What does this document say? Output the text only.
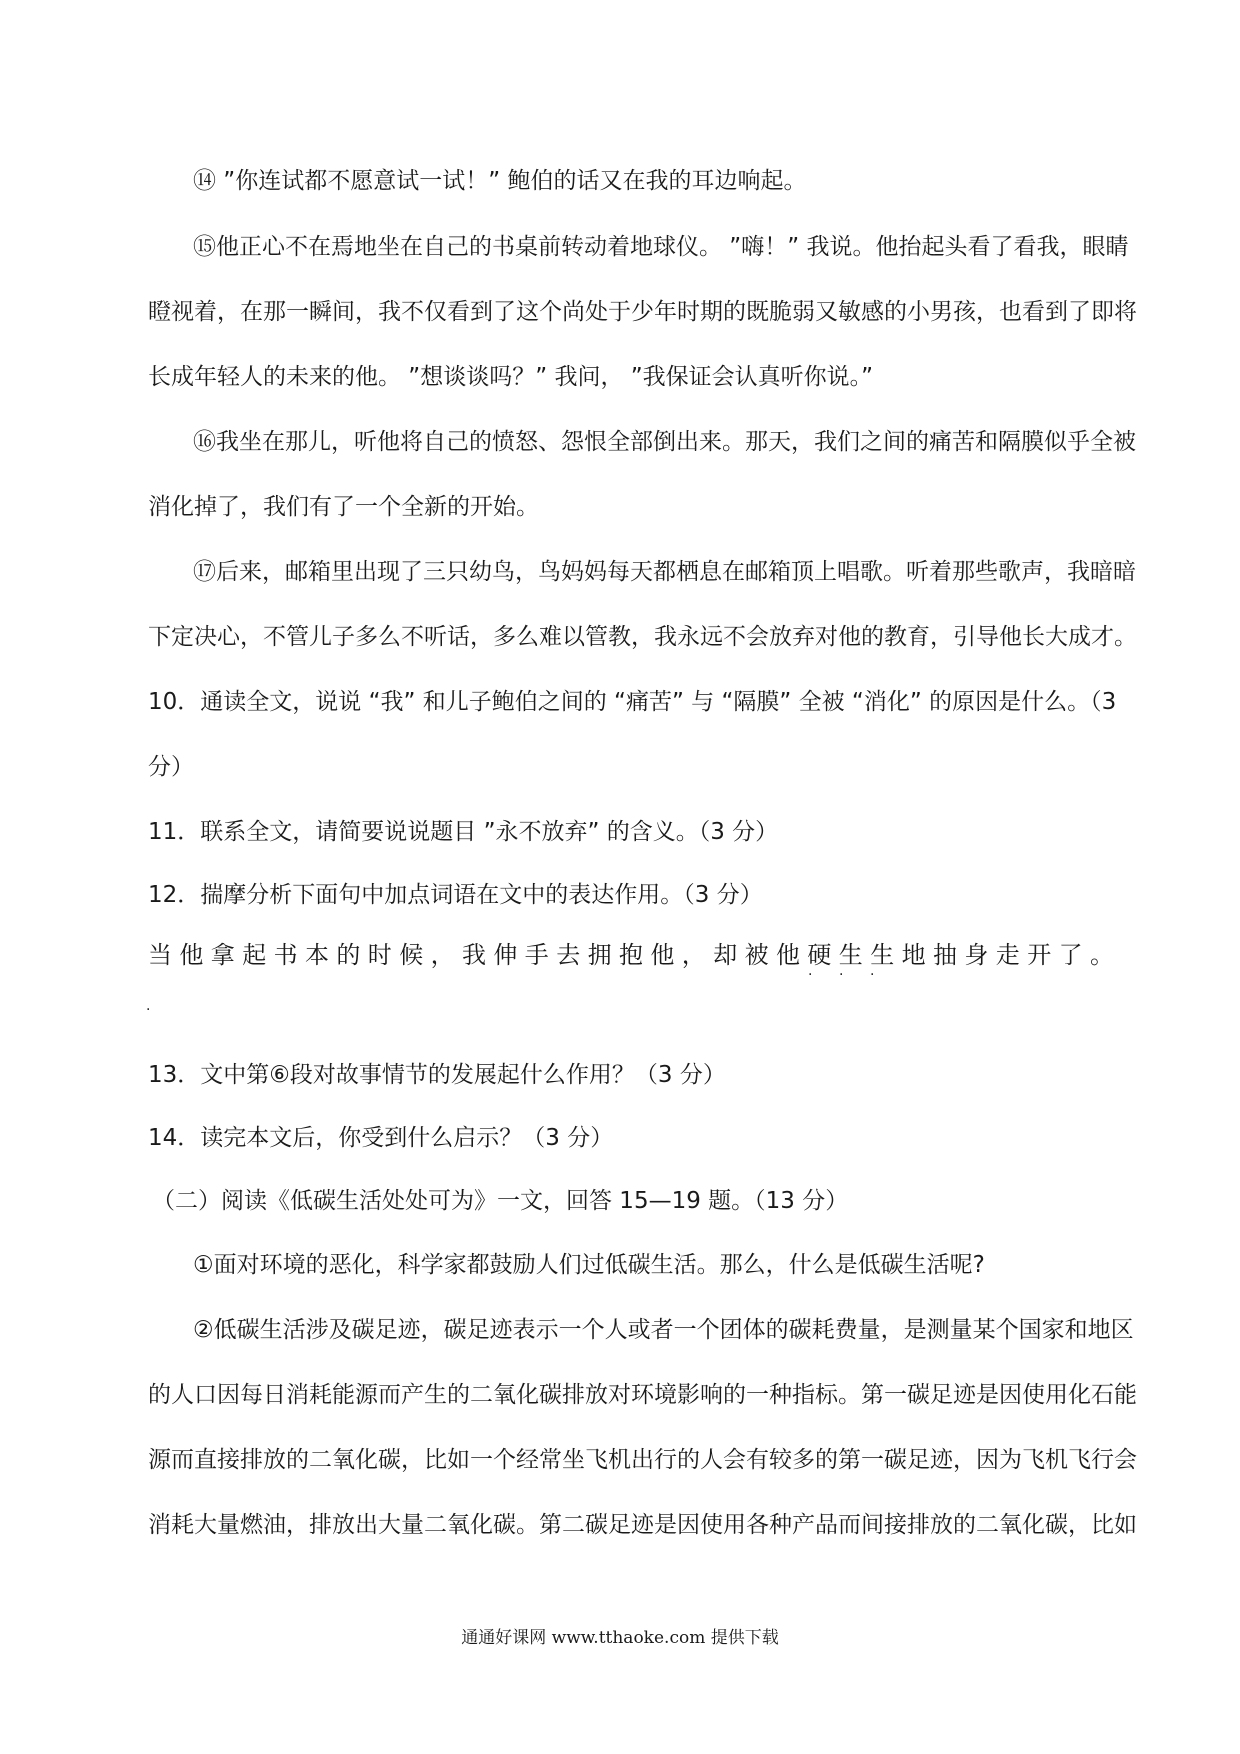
⑭ ”你连试都不愿意试一试！” 鲍伯的话又在我的耳边响起。
⑮他正心不在焉地坐在自己的书桌前转动着地球仪。 ”嗨！” 我说。他抬起头看了看我，眼睛
瞪视着，在那一瞬间，我不仅看到了这个尚处于少年时期的既脆弱又敏感的小男孩，也看到了即将
长成年轻人的未来的他。 ”想谈谈吗？” 我问， ”我保证会认真听你说。”
⑯我坐在那儿，听他将自己的愤怒、怨恨全部倒出来。那天，我们之间的痛苦和隔膜似乎全被
消化掉了，我们有了一个全新的开始。
⑰后来，邮箱里出现了三只幼鸟，鸟妈妈每天都栖息在邮箱顶上唱歌。听着那些歌声，我暗暗
下定决心，不管儿子多么不听话，多么难以管教，我永远不会放弃对他的教育，引导他长大成才。
10．通读全文，说说 “我” 和儿子鲍伯之间的 “痛苦” 与 “隔膜” 全被 “消化” 的原因是什么。（3
分）
11．联系全文，请简要说说题目 ”永不放弃” 的含义。（3 分）
12．揣摩分析下面句中加点词语在文中的表达作用。（3 分）
当他拿起书本的时候，我伸手去拥抱他，却被他硬生生地抽身走开了。
· · ·
·
13．文中第⑥段对故事情节的发展起什么作用？（3 分）
14．读完本文后，你受到什么启示？（3 分）
（二）阅读《低碳生活处处可为》一文，回答 15—19 题。（13 分）
①面对环境的恶化，科学家都鼓励人们过低碳生活。那么，什么是低碳生活呢?
②低碳生活涉及碳足迹，碳足迹表示一个人或者一个团体的碳耗费量，是测量某个国家和地区
的人口因每日消耗能源而产生的二氧化碳排放对环境影响的一种指标。第一碳足迹是因使用化石能
源而直接排放的二氧化碳，比如一个经常坐飞机出行的人会有较多的第一碳足迹，因为飞机飞行会
消耗大量燃油，排放出大量二氧化碳。第二碳足迹是因使用各种产品而间接排放的二氧化碳，比如
通通好课网 www.tthaoke.com 提供下载
